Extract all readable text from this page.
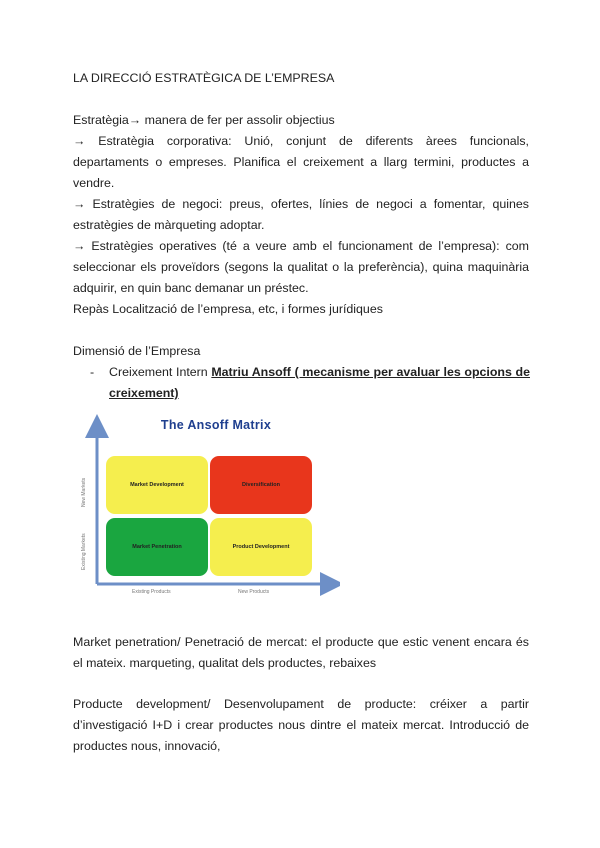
LA DIRECCIÓ ESTRATÈGICA DE L’EMPRESA
Estratègia→ manera de fer per assolir objectius
→ Estratègia corporativa: Unió, conjunt de diferents àrees funcionals, departaments o empreses. Planifica el creixement a llarg termini, productes a vendre.
→ Estratègies de negoci: preus, ofertes, línies de negoci a fomentar, quines estratègies de màrqueting adoptar.
→ Estratègies operatives (té a veure amb el funcionament de l’empresa): com seleccionar els proveïdors (segons la qualitat o la preferència), quina maquinària adquirir, en quin banc demanar un préstec.
Repàs Localització de l’empresa, etc, i formes jurídiques
Dimensió de l’Empresa
- Creixement Intern Matriu Ansoff ( mecanisme per avaluar les opcions de creixement)
The Ansoff Matrix
Market Development	Diversification
Market Penetration	Product Development
New Markets
Existing Markets
Existing Products	New Products
Market penetration/ Penetració de mercat: el producte que estic venent encara és el mateix. marqueting, qualitat dels productes, rebaixes
Producte development/ Desenvolupament de producte: créixer a partir d’investigació I+D i crear productes nous dintre el mateix mercat. Introducció de productes nous, innovació,
